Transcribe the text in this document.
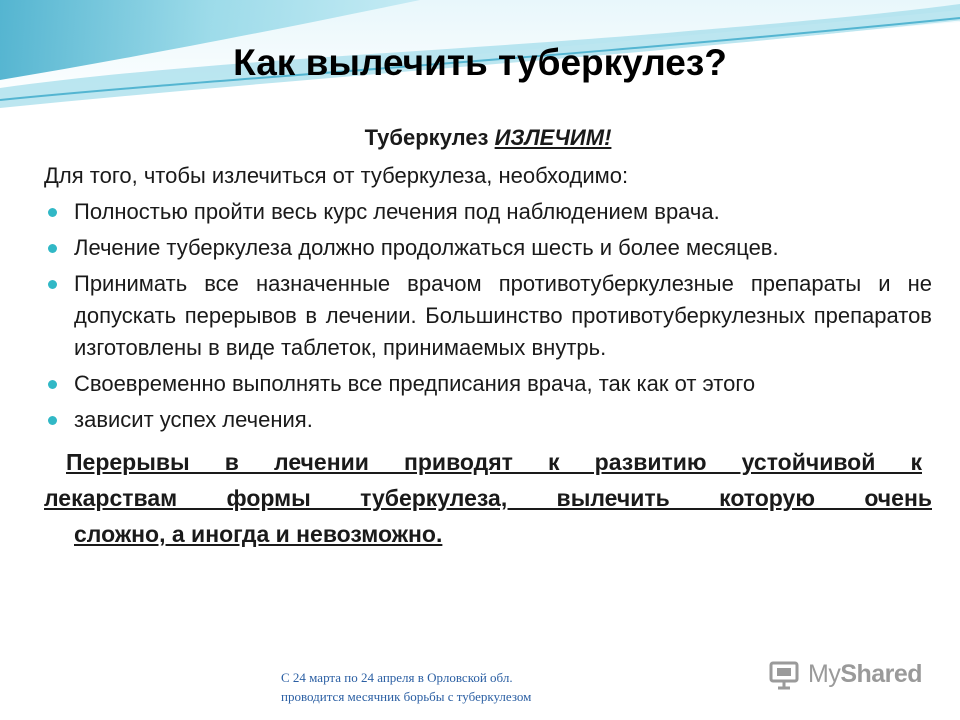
Как вылечить туберкулез?
Туберкулез ИЗЛЕЧИМ!
Для того, чтобы излечиться от туберкулеза, необходимо:
Полностью пройти весь курс лечения под наблюдением врача.
Лечение туберкулеза должно продолжаться шесть и более месяцев.
Принимать все назначенные врачом противотуберкулезные препараты и не допускать перерывов в лечении. Большинство противотуберкулезных препаратов изготовлены в виде таблеток, принимаемых внутрь.
Своевременно выполнять все предписания врача, так как от этого
зависит успех лечения.
Перерывы в лечении приводят к развитию устойчивой к
лекарствам формы туберкулеза, вылечить которую очень
сложно, а иногда и невозможно.
С 24 марта по 24 апреля в Орловской обл.
проводится месячник борьбы с туберкулезом
MyShared
